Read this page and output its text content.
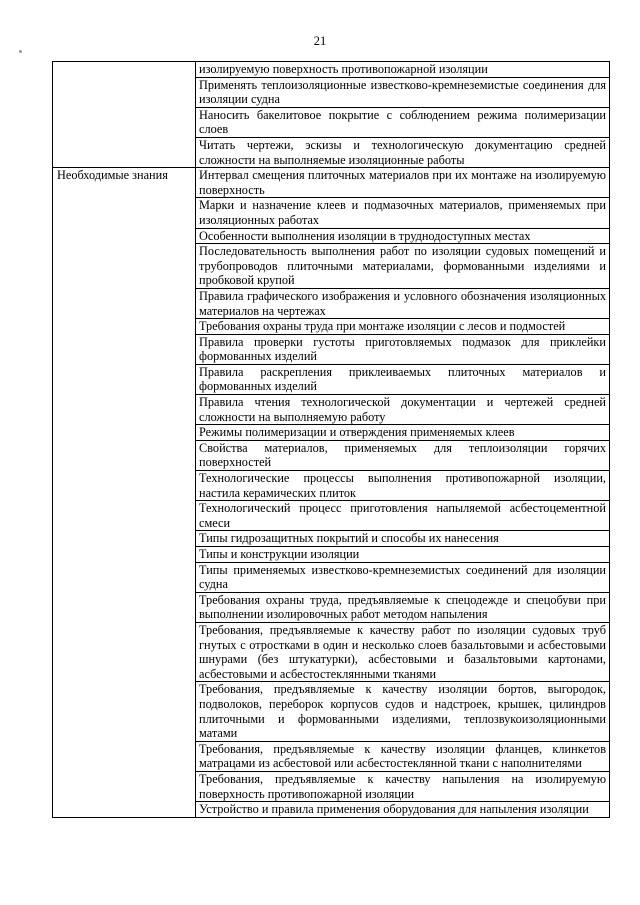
21
	изолируемую поверхность противопожарной изоляции
	Применять теплоизоляционные известково-кремнеземистые соединения для изоляции судна
	Наносить бакелитовое покрытие с соблюдением режима полимеризации слоев
	Читать чертежи, эскизы и технологическую документацию средней сложности на выполняемые изоляционные работы
Необходимые знания	Интервал смещения плиточных материалов при их монтаже на изолируемую поверхность
	Марки и назначение клеев и подмазочных материалов, применяемых при изоляционных работах
	Особенности выполнения изоляции в труднодоступных местах
	Последовательность выполнения работ по изоляции судовых помещений и трубопроводов плиточными материалами, формованными изделиями и пробковой крупой
	Правила графического изображения и условного обозначения изоляционных материалов на чертежах
	Требования охраны труда при монтаже изоляции с лесов и подмостей
	Правила проверки густоты приготовляемых подмазок для приклейки формованных изделий
	Правила раскрепления приклеиваемых плиточных материалов и формованных изделий
	Правила чтения технологической документации и чертежей средней сложности на выполняемую работу
	Режимы полимеризации и отверждения применяемых клеев
	Свойства материалов, применяемых для теплоизоляции горячих поверхностей
	Технологические процессы выполнения противопожарной изоляции, настила керамических плиток
	Технологический процесс приготовления напыляемой асбестоцементной смеси
	Типы гидрозащитных покрытий и способы их нанесения
	Типы и конструкции изоляции
	Типы применяемых известково-кремнеземистых соединений для изоляции судна
	Требования охраны труда, предъявляемые к спецодежде и спецобуви при выполнении изолировочных работ методом напыления
	Требования, предъявляемые к качеству работ по изоляции судовых труб гнутых с отростками в один и несколько слоев базальтовыми и асбестовыми шнурами (без штукатурки), асбестовыми и базальтовыми картонами, асбестовыми и асбестостеклянными тканями
	Требования, предъявляемые к качеству изоляции бортов, выгородок, подволоков, переборок корпусов судов и надстроек, крышек, цилиндров плиточными и формованными изделиями, теплозвукоизоляционными матами
	Требования, предъявляемые к качеству изоляции фланцев, клинкетов матрацами из асбестовой или асбестостеклянной ткани с наполнителями
	Требования, предъявляемые к качеству напыления на изолируемую поверхность противопожарной изоляции
	Устройство и правила применения оборудования для напыления изоляции
